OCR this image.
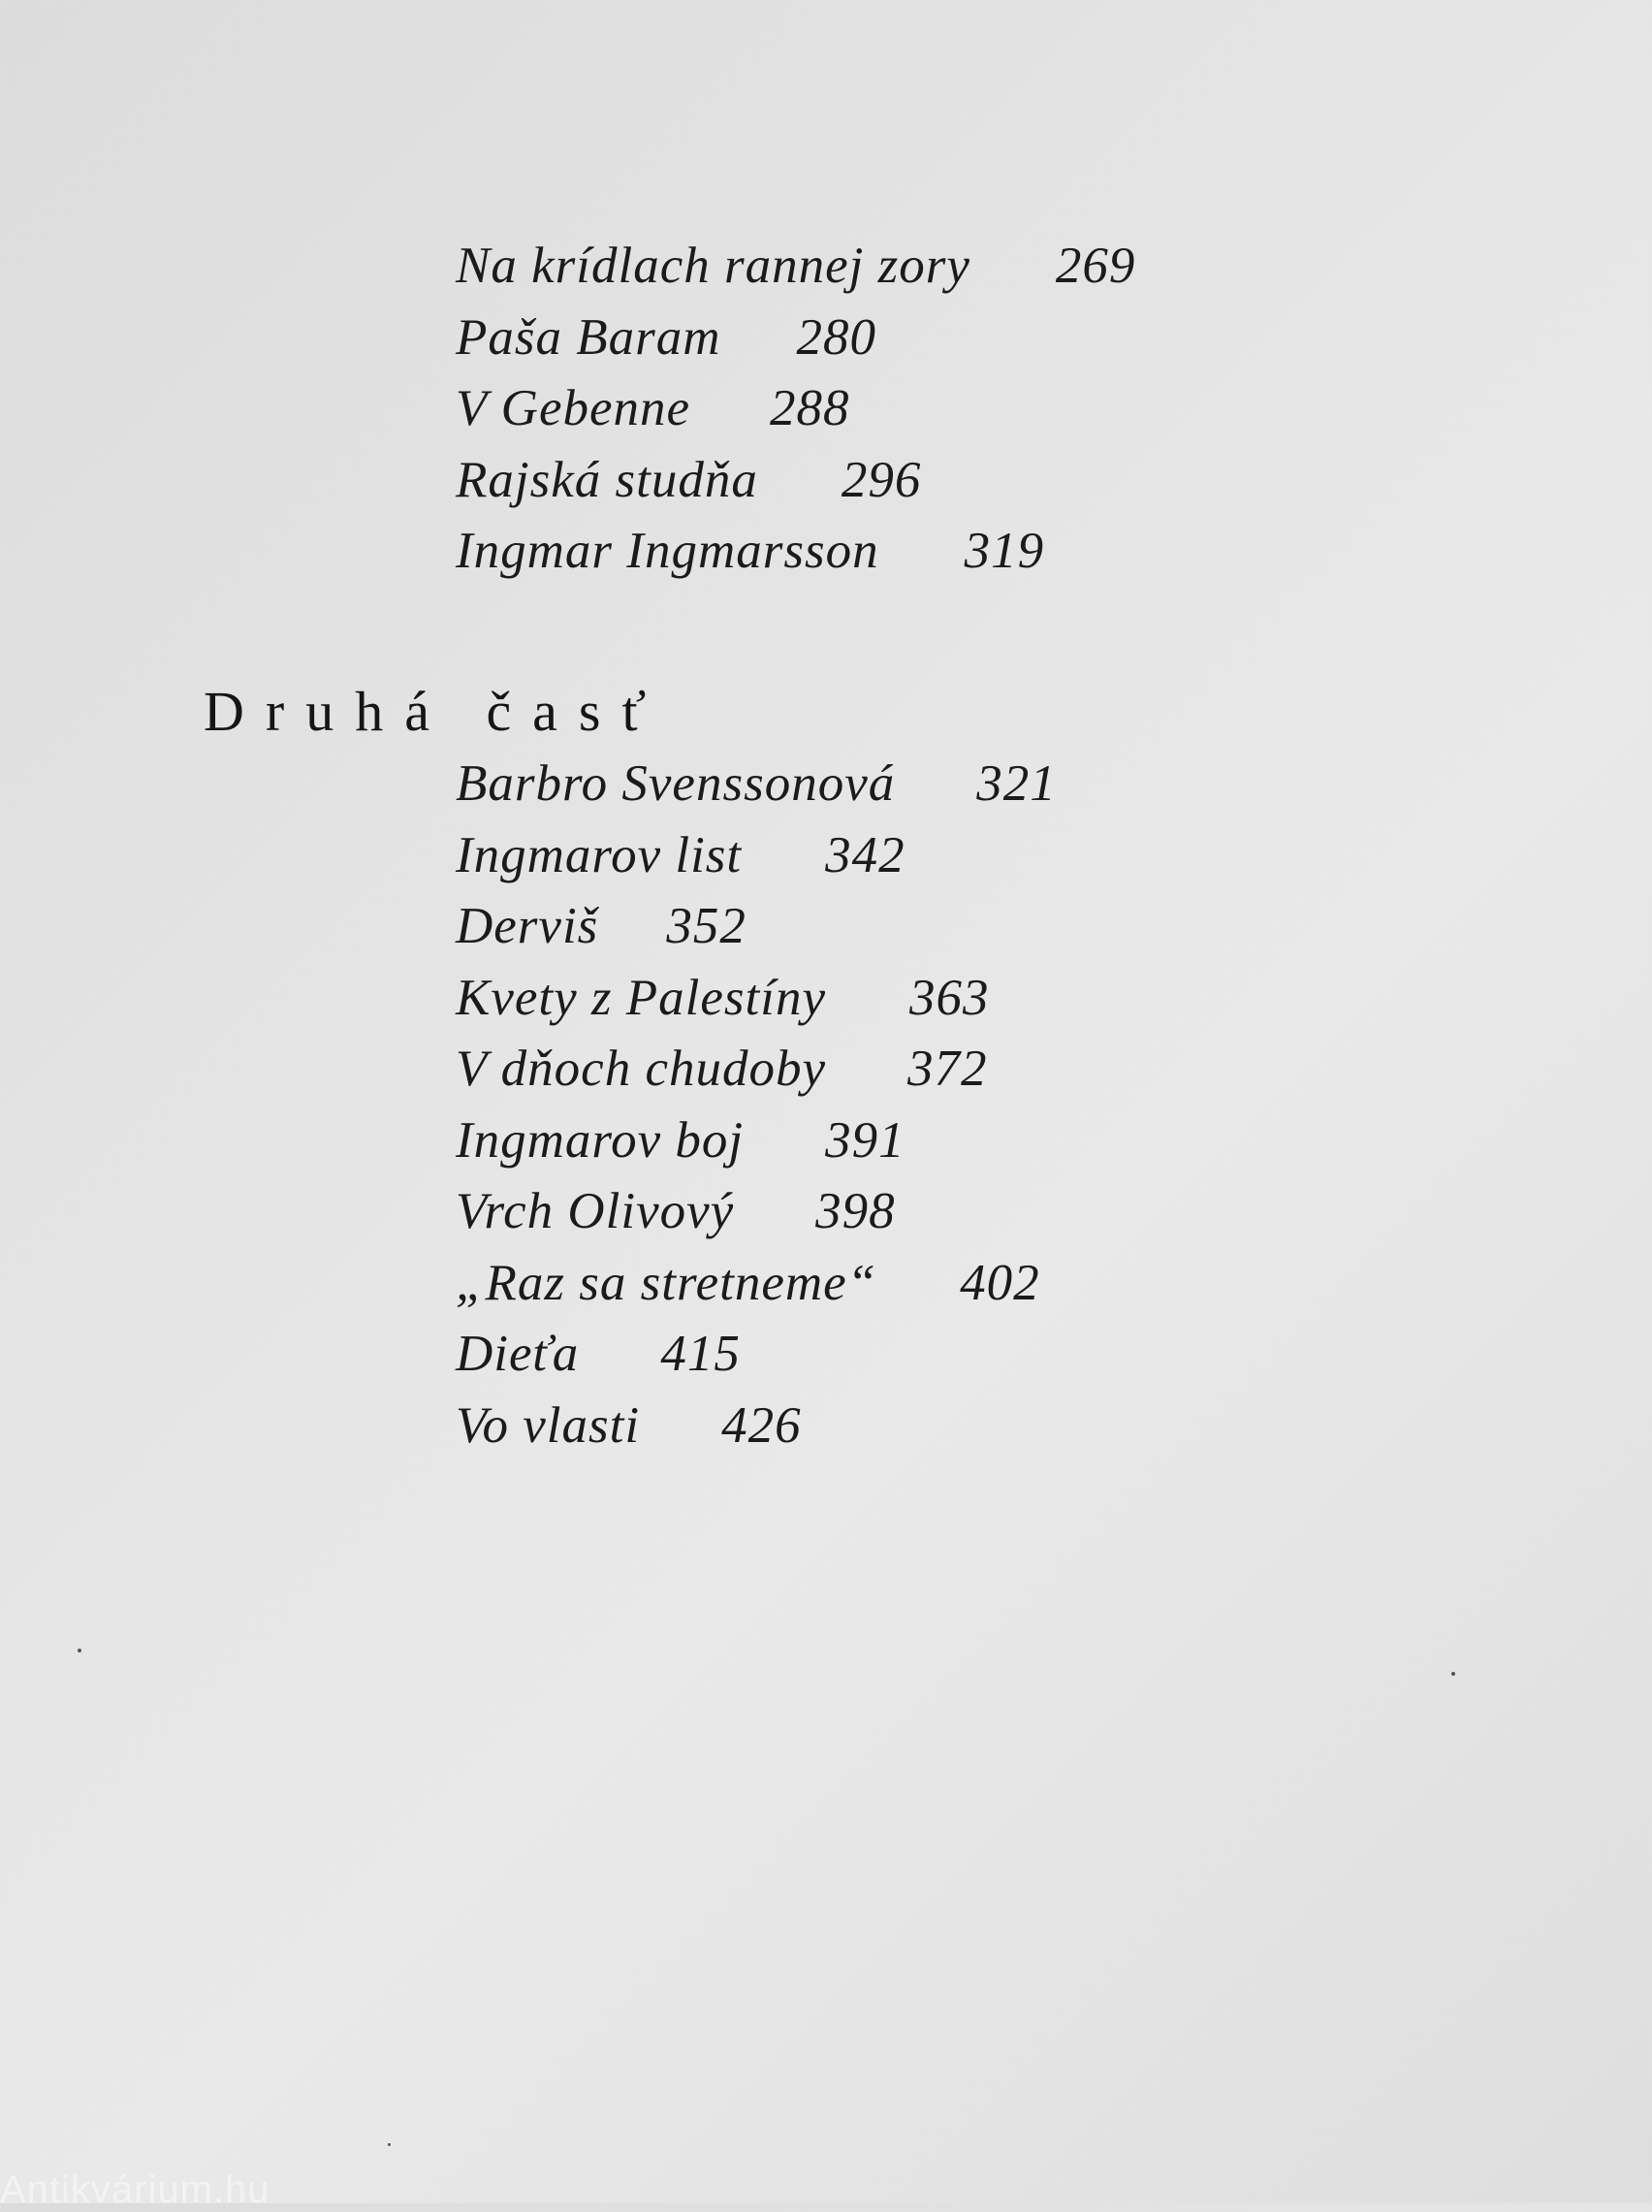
Na krídlach rannej zory 269
Paša Baram 280
V Gebenne 288
Rajská studňa 296
Ingmar Ingmarsson 319
Druhá časť
Barbro Svenssonová 321
Ingmarov list 342
Derviš 352
Kvety z Palestíny 363
V dňoch chudoby 372
Ingmarov boj 391
Vrch Olivový 398
„Raz sa stretneme“ 402
Dieťa 415
Vo vlasti 426
Antikvárium.hu
